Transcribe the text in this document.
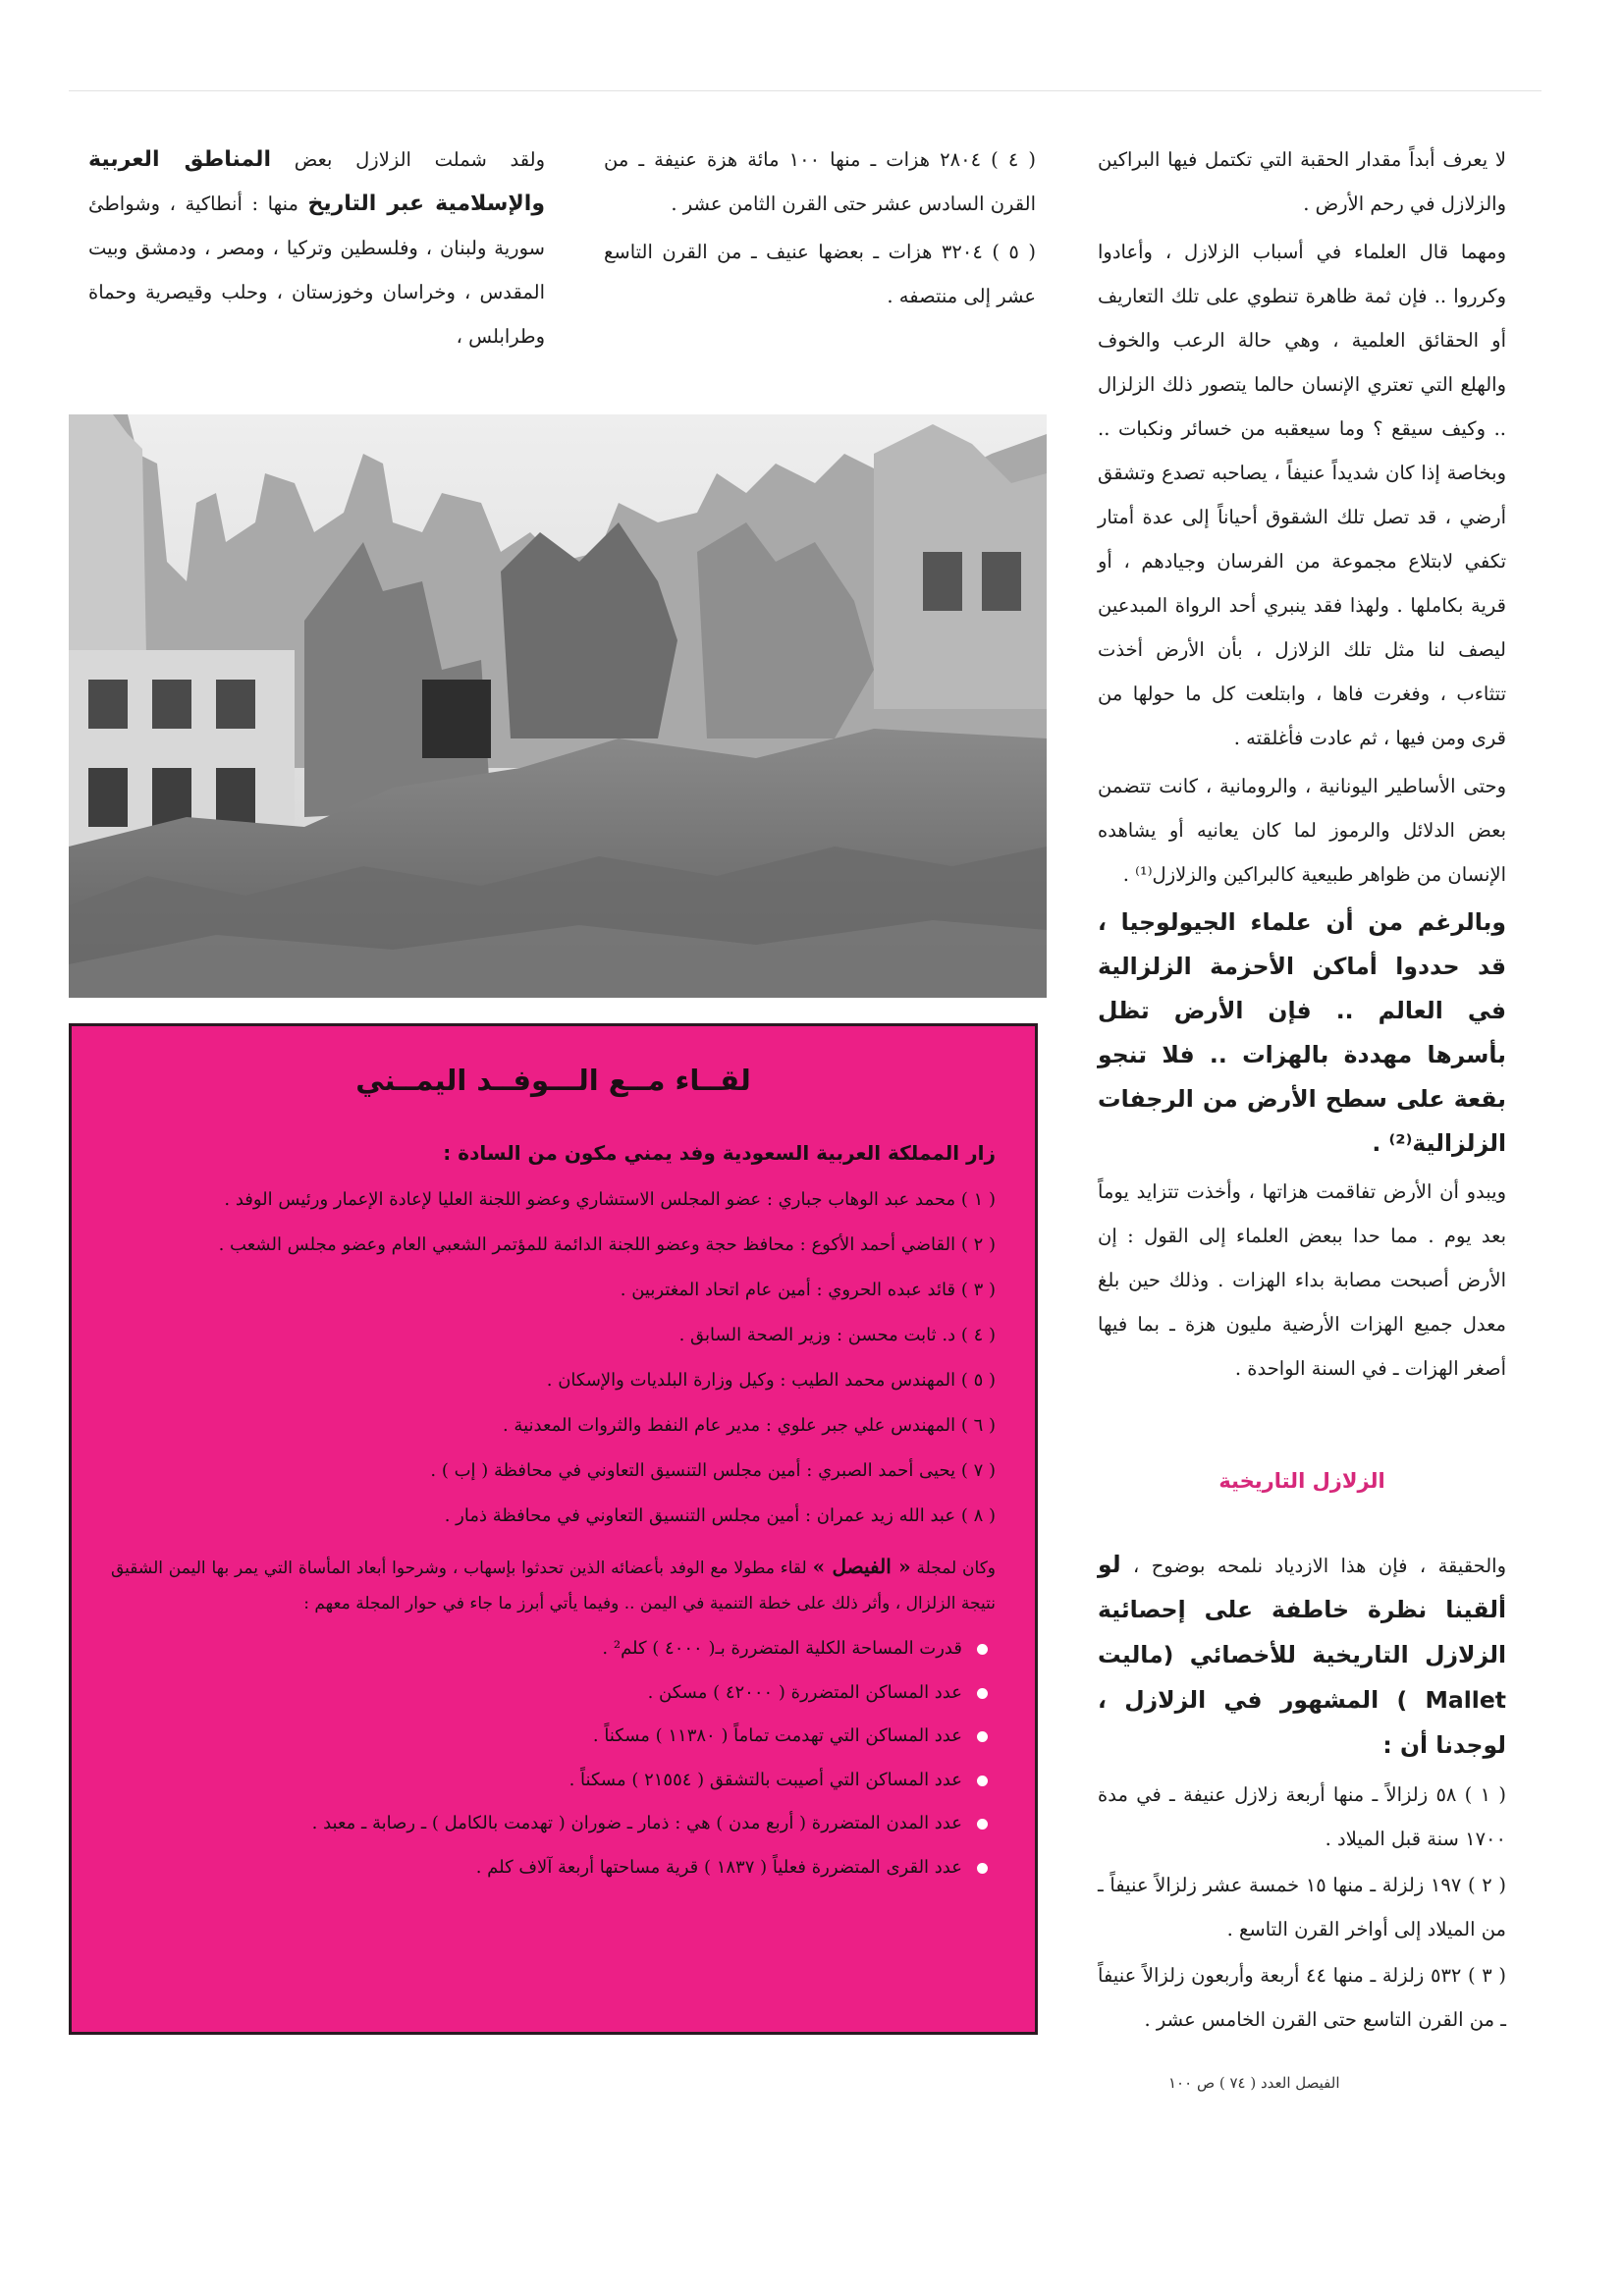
لا يعرف أبداً مقدار الحقبة التي تكتمل فيها البراكين والزلازل في رحم الأرض .

ومهما قال العلماء في أسباب الزلازل ، وأعادوا وكرروا .. فإن ثمة ظاهرة تنطوي على تلك التعاريف أو الحقائق العلمية ، وهي حالة الرعب والخوف والهلع التي تعتري الإنسان حالما يتصور ذلك الزلزال .. وكيف سيقع ؟ وما سيعقبه من خسائر ونكبات .. وبخاصة إذا كان شديداً عنيفاً ، يصاحبه تصدع وتشقق أرضي ، قد تصل تلك الشقوق أحياناً إلى عدة أمتار تكفي لابتلاع مجموعة من الفرسان وجيادهم ، أو قرية بكاملها . ولهذا فقد ينبري أحد الرواة المبدعين ليصف لنا مثل تلك الزلازل ، بأن الأرض أخذت تتثاءب ، وفغرت فاها ، وابتلعت كل ما حولها من قرى ومن فيها ، ثم عادت فأغلقته .

وحتى الأساطير اليونانية ، والرومانية ، كانت تتضمن بعض الدلائل والرموز لما كان يعانيه أو يشاهده الإنسان من ظواهر طبيعية كالبراكين والزلازل⁽¹⁾ .

وبالرغم من أن علماء الجيولوجيا ، قد حددوا أماكن الأحزمة الزلزالية في العالم .. فإن الأرض تظل بأسرها مهددة بالهزات .. فلا تنجو بقعة على سطح الأرض من الرجفات الزلزالية⁽²⁾ .

ويبدو أن الأرض تفاقمت هزاتها ، وأخذت تتزايد يوماً بعد يوم . مما حدا ببعض العلماء إلى القول : إن الأرض أصبحت مصابة بداء الهزات . وذلك حين بلغ معدل جميع الهزات الأرضية مليون هزة ـ بما فيها أصغر الهزات ـ في السنة الواحدة .

الزلازل التاريخية

والحقيقة ، فإن هذا الازدياد نلمحه بوضوح ، لو ألقينا نظرة خاطفة على إحصائية الزلازل التاريخية للأخصائي (ماليت Mallet ) المشهور في الزلازل ، لوجدنا أن :

( ١ ) ٥٨ زلزالاً ـ منها أربعة زلازل عنيفة ـ في مدة ١٧٠٠ سنة قبل الميلاد .

( ٢ ) ١٩٧ زلزلة ـ منها ١٥ خمسة عشر زلزالاً عنيفاً ـ من الميلاد إلى أواخر القرن التاسع .

( ٣ ) ٥٣٢ زلزلة ـ منها ٤٤ أربعة وأربعون زلزالاً عنيفاً ـ من القرن التاسع حتى القرن الخامس عشر .

( ٤ ) ٢٨٠٤ هزات ـ منها ١٠٠ مائة هزة عنيفة ـ من القرن السادس عشر حتى القرن الثامن عشر .

( ٥ ) ٣٢٠٤ هزات ـ بعضها عنيف ـ من القرن التاسع عشر إلى منتصفه .

ولقد شملت الزلازل بعض المناطق العربية والإسلامية عبر التاريخ منها : أنطاكية ، وشواطئ سورية ولبنان ، وفلسطين وتركيا ، ومصر ، ودمشق وبيت المقدس ، وخراسان وخوزستان ، وحلب وقيصرية وحماة وطرابلس ،

لقــاء مــع الـــوفــد اليمــني

زار المملكة العربية السعودية وفد يمني مكون من السادة :

( ١ ) محمد عبد الوهاب جباري : عضو المجلس الاستشاري وعضو اللجنة العليا لإعادة الإعمار ورئيس الوفد .

( ٢ ) القاضي أحمد الأكوع : محافظ حجة وعضو اللجنة الدائمة للمؤتمر الشعبي العام وعضو مجلس الشعب .

( ٣ ) قائد عبده الحروي : أمين عام اتحاد المغتربين .

( ٤ ) د. ثابت محسن : وزير الصحة السابق .

( ٥ ) المهندس محمد الطيب : وكيل وزارة البلديات والإسكان .

( ٦ ) المهندس علي جبر علوي : مدير عام النفط والثروات المعدنية .

( ٧ ) يحيى أحمد الصبري : أمين مجلس التنسيق التعاوني في محافظة ( إب ) .

( ٨ ) عبد الله زيد عمران : أمين مجلس التنسيق التعاوني في محافظة ذمار .

وكان لمجلة « الفيصل » لقاء مطولا مع الوفد بأعضائه الذين تحدثوا بإسهاب ، وشرحوا أبعاد المأساة التي يمر بها اليمن الشقيق نتيجة الزلزال ، وأثر ذلك على خطة التنمية في اليمن .. وفيما يأتي أبرز ما جاء في حوار المجلة معهم :

قدرت المساحة الكلية المتضررة بـ( ٤٠٠٠ ) كلم² .

عدد المساكن المتضررة ( ٤٢٠٠٠ ) مسكن .

عدد المساكن التي تهدمت تماماً ( ١١٣٨٠ ) مسكناً .

عدد المساكن التي أصيبت بالتشقق ( ٢١٥٥٤ ) مسكناً .

عدد المدن المتضررة ( أربع مدن ) هي : ذمار ـ ضوران ( تهدمت بالكامل ) ـ رصابة ـ معبد .

عدد القرى المتضررة فعلياً ( ١٨٣٧ ) قرية مساحتها أربعة آلاف كلم .

الفيصل العدد ( ٧٤ ) ص ١٠٠
